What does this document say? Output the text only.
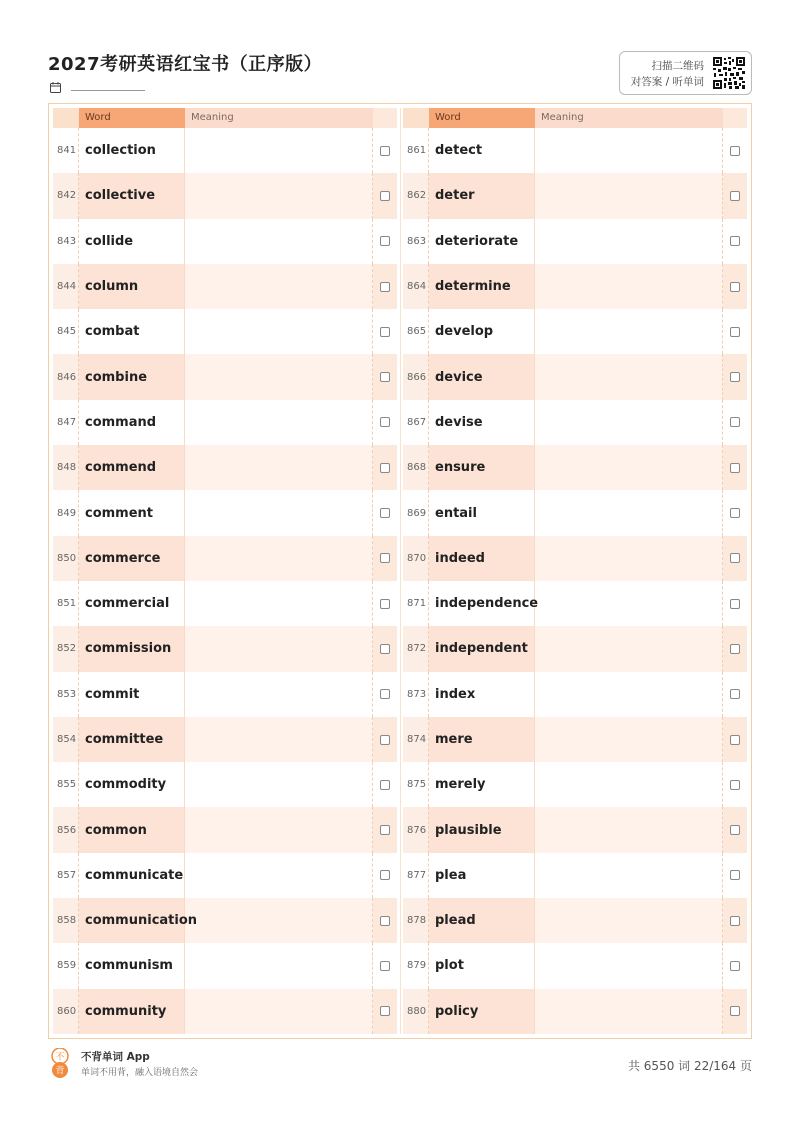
2027考研英语红宝书（正序版）	扫描二维码
对答案 / 听单词
Word	Meaning
841 collection
842 collective
843 collide
844 column
845 combat
846 combine
847 command
848 commend
849 comment
850 commerce
851 commercial
852 commission
853 commit
854 committee
855 commodity
856 common
857 communicate
858 communication
859 communism
860 community
Word	Meaning
861 detect
862 deter
863 deteriorate
864 determine
865 develop
866 device
867 devise
868 ensure
869 entail
870 indeed
871 independence
872 independent
873 index
874 mere
875 merely
876 plausible
877 plea
878 plead
879 plot
880 policy
不
背
不背单词 App
单词不用背，融入语境自然会	共 6550 词 22/164 页
